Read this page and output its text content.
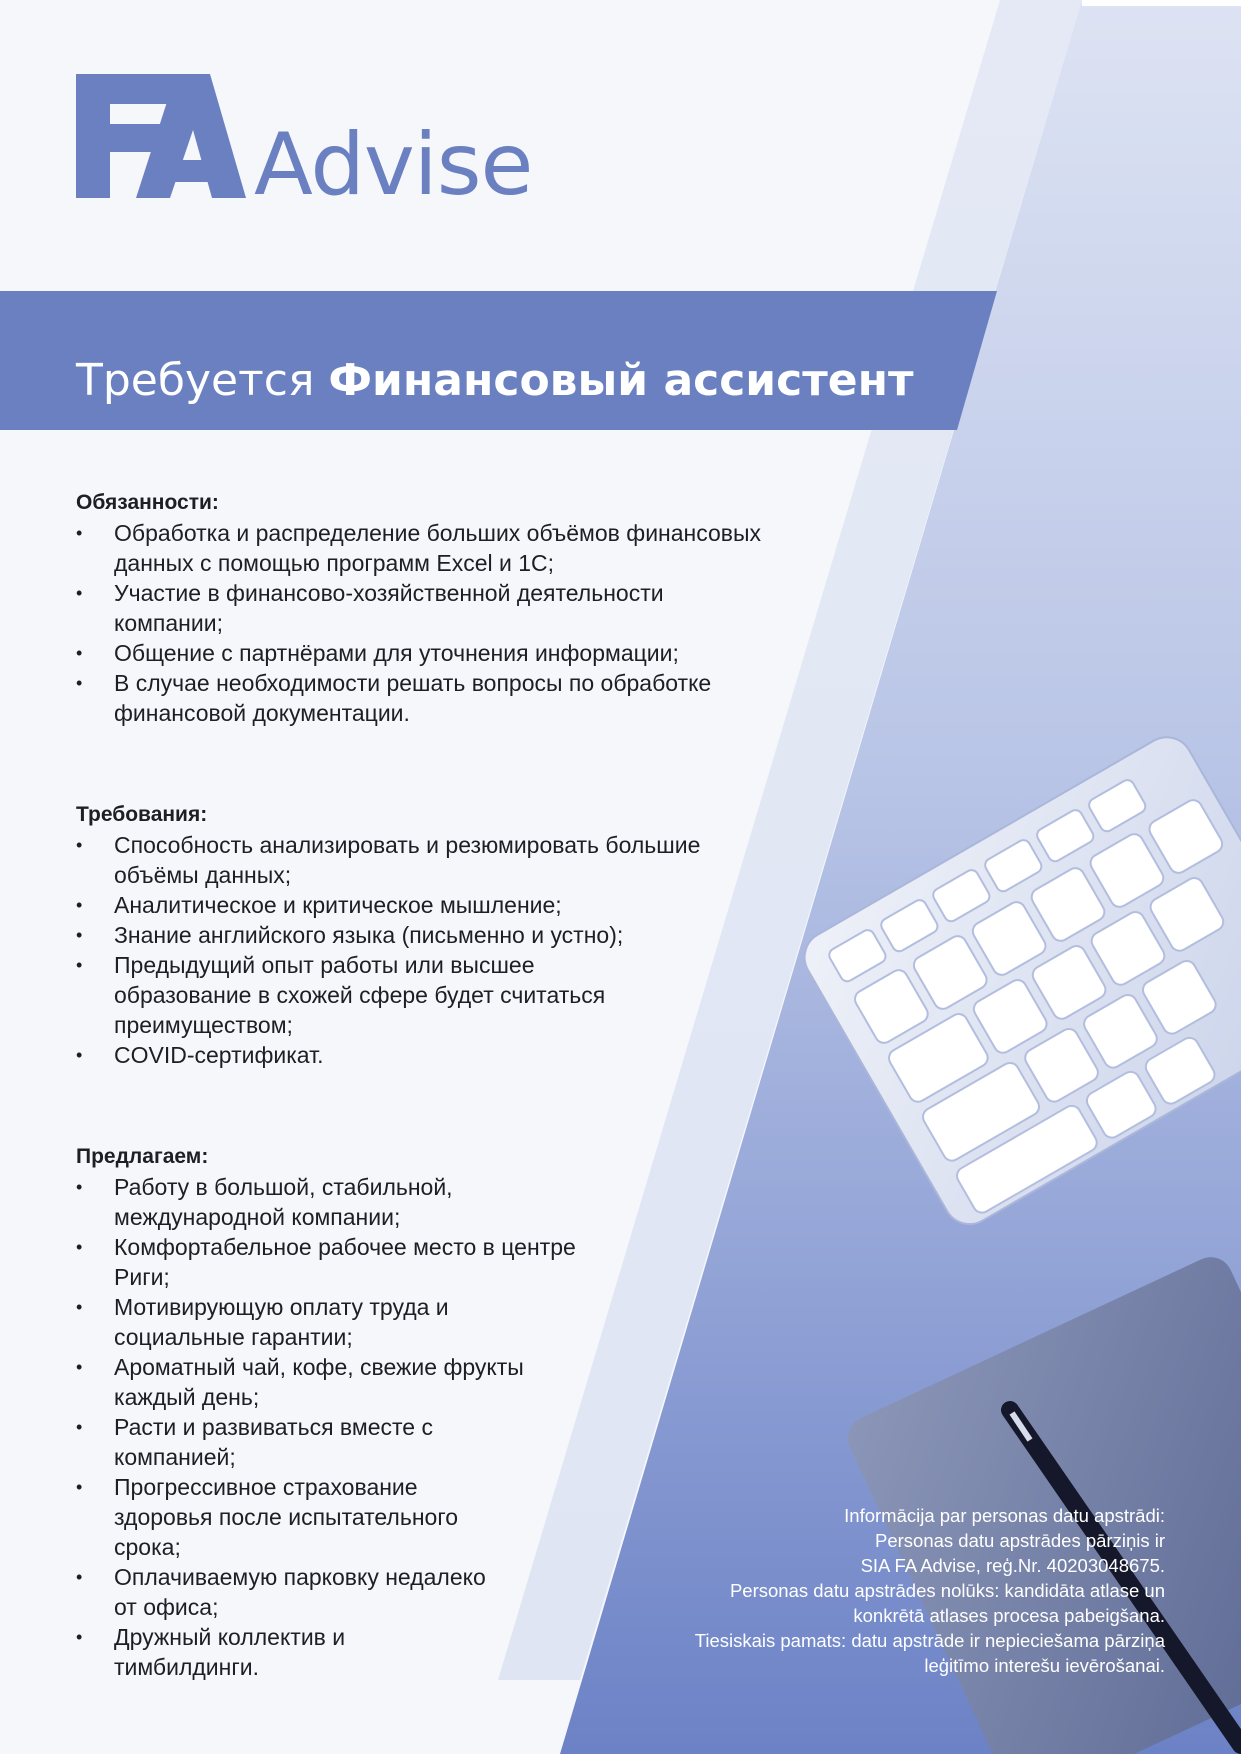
Advise
Требуется Финансовый ассистент
Обязанности:
• Обработка и распределение больших объёмов финансовых
данных с помощью программ Excel и 1C;
• Участие в финансово-хозяйственной деятельности
компании;
• Общение с партнёрами для уточнения информации;
• В случае необходимости решать вопросы по обработке
финансовой документации.
Требования:
• Способность анализировать и резюмировать большие
объёмы данных;
• Аналитическое и критическое мышление;
• Знание английского языка (письменно и устно);
• Предыдущий опыт работы или высшее
образование в схожей сфере будет считаться
преимуществом;
• COVID-сертификат.
Предлагаем:
• Работу в большой, стабильной,
международной компании;
• Комфортабельное рабочее место в центре
Риги;
• Мотивирующую оплату труда и
социальные гарантии;
• Ароматный чай, кофе, свежие фрукты
каждый день;
• Расти и развиваться вместе с
компанией;
• Прогрессивное страхование
здоровья после испытательного
срока;
• Оплачиваемую парковку недалеко
от офиса;
• Дружный коллектив и
тимбилдинги.
Informācija par personas datu apstrādi:
Personas datu apstrādes pārziņis ir
SIA FA Advise, reģ.Nr. 40203048675.
Personas datu apstrādes nolūks: kandidāta atlase un
konkrētā atlases procesa pabeigšana.
Tiesiskais pamats: datu apstrāde ir nepieciešama pārziņa
leģitīmo interešu ievērošanai.
